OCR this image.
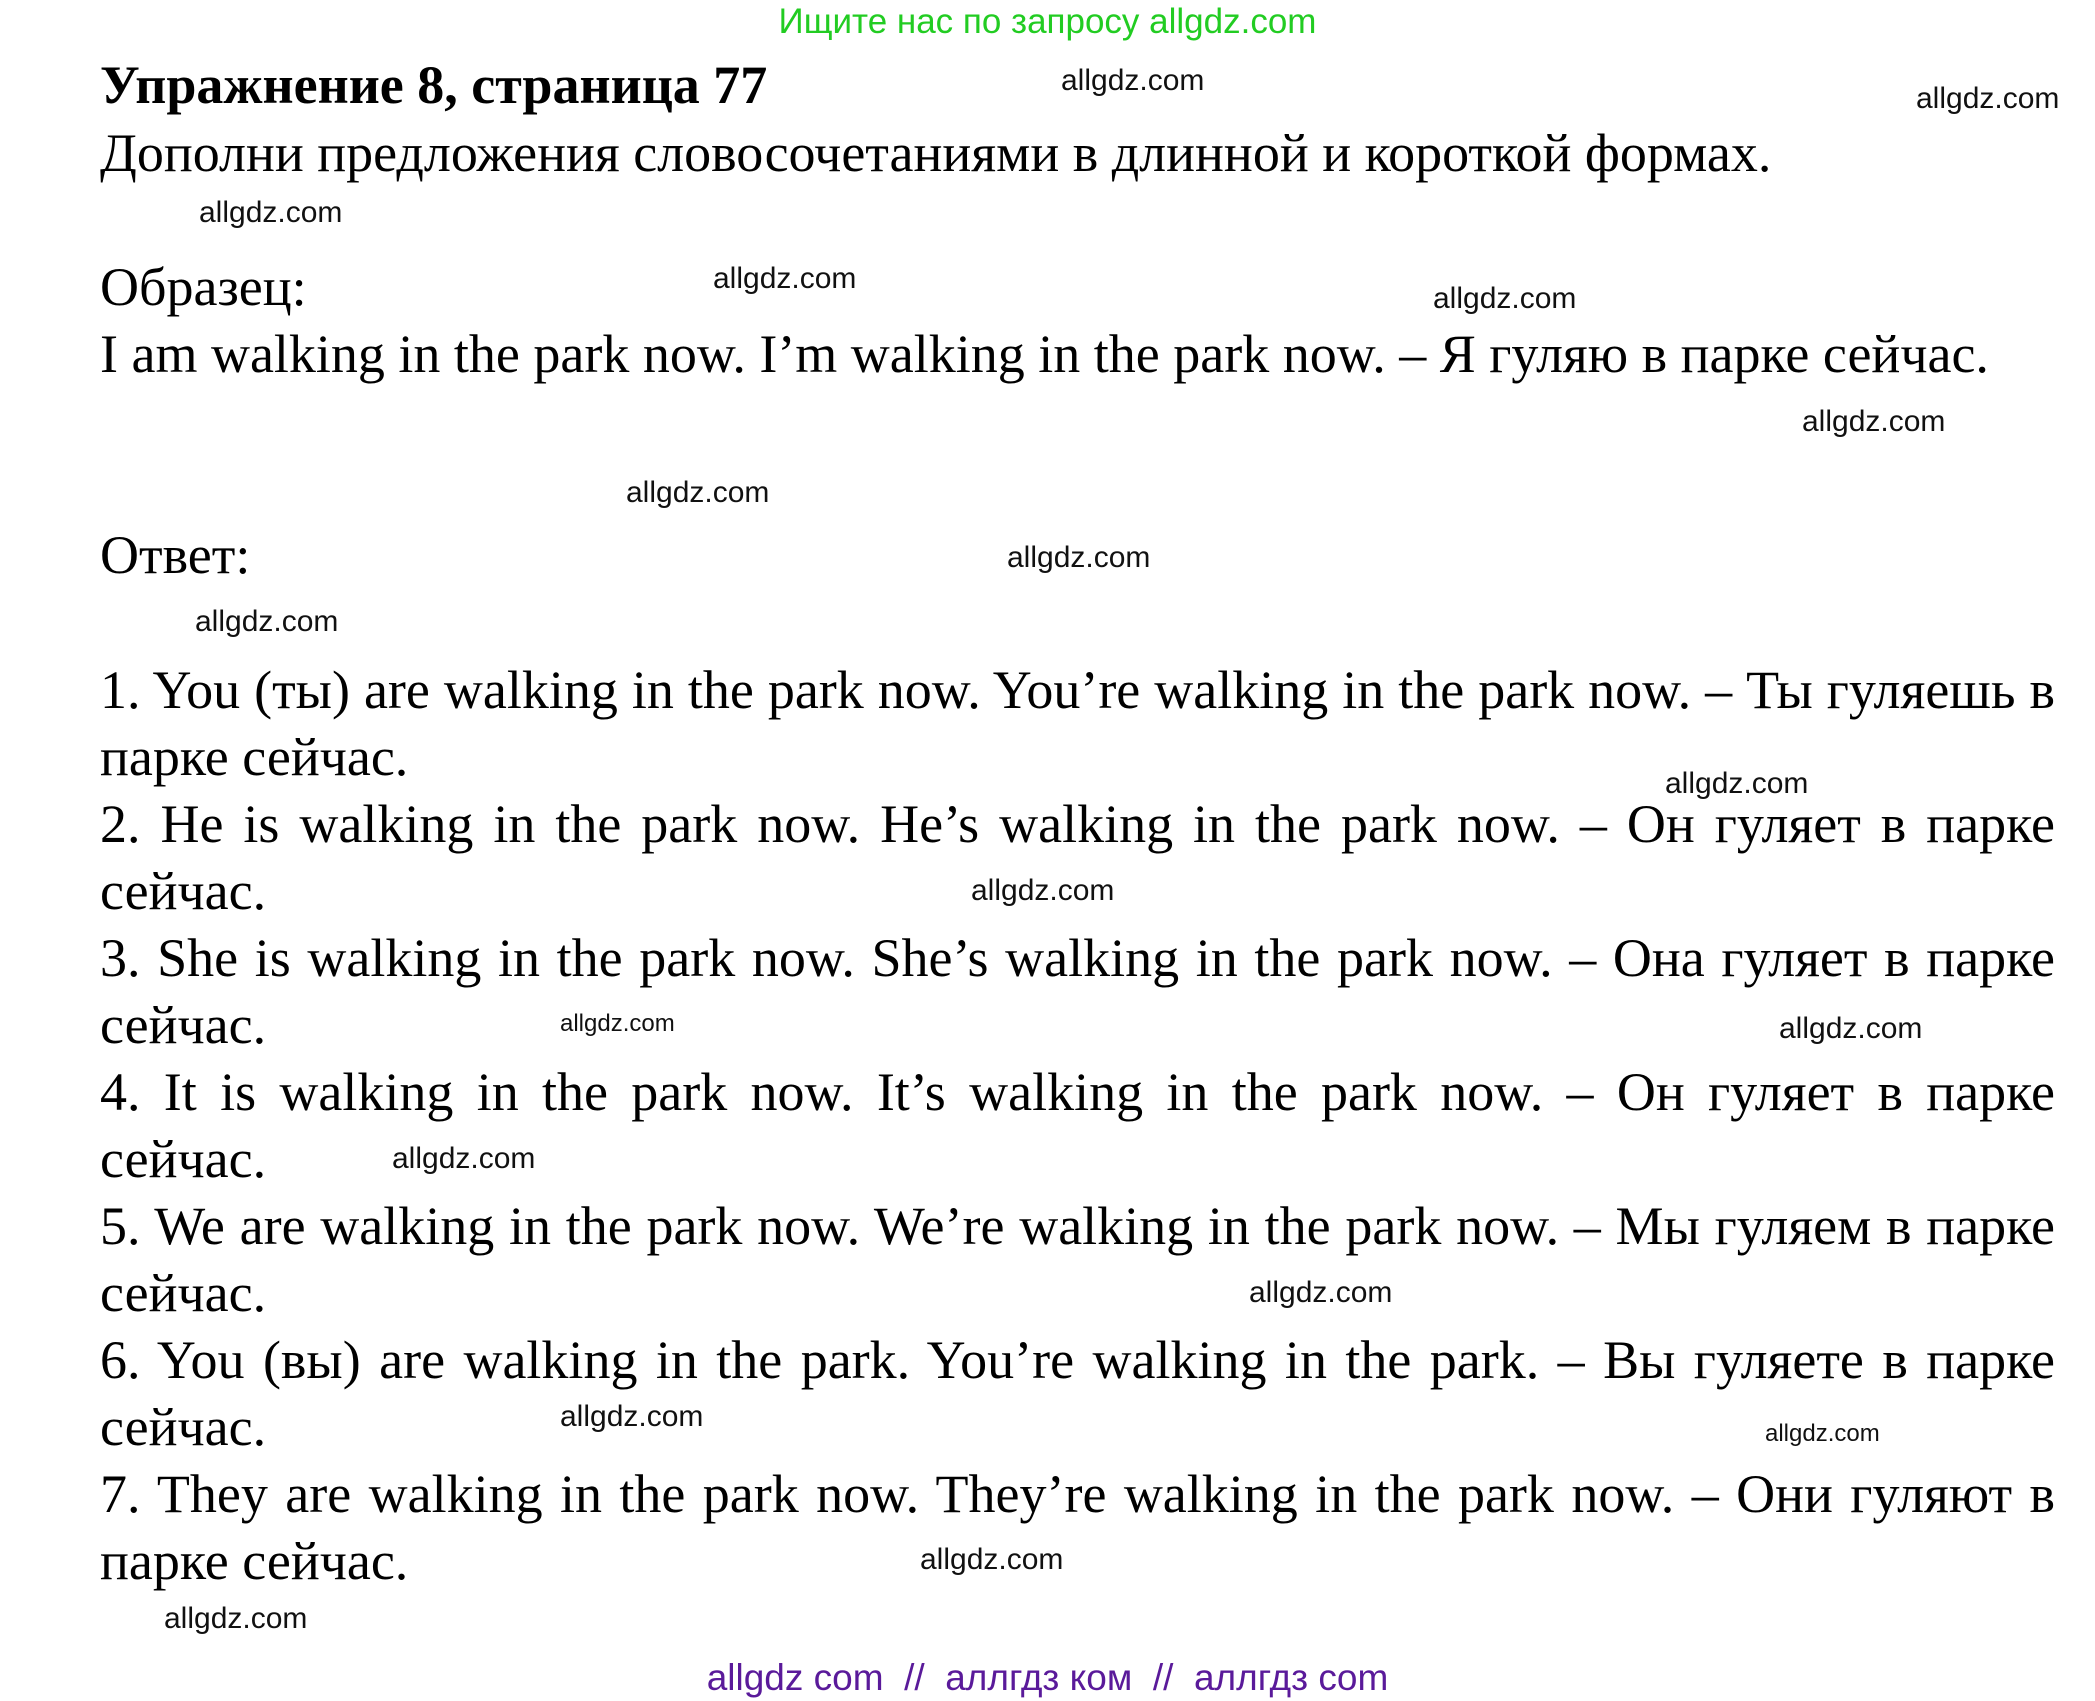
Ищите нас по запросу allgdz.com
Упражнение 8, страница 77

Дополни предложения словосочетаниями в длинной и короткой формах.

Образец:

I am walking in the park now. I’m walking in the park now. – Я гуляю в парке сейчас.

Ответ:

1. You (ты) are walking in the park now. You’re walking in the park now. – Ты гуляешь в парке сейчас.

2. He is walking in the park now. He’s walking in the park now. – Он гуляет в парке сейчас.

3. She is walking in the park now. She’s walking in the park now. – Она гуляет в парке сейчас.

4. It is walking in the park now. It’s walking in the park now. – Он гуляет в парке сейчас.

5. We are walking in the park now. We’re walking in the park now. – Мы гуляем в парке сейчас.

6. You (вы) are walking in the park. You’re walking in the park. – Вы гуляете в парке сейчас.

7. They are walking in the park now. They’re walking in the park now. – Они гуляют в парке сейчас.

allgdz.com
allgdz.com
allgdz.com
allgdz.com
allgdz.com
allgdz.com
allgdz.com
allgdz.com
allgdz.com
allgdz.com
allgdz.com
allgdz.com	allgdz.com
allgdz.com
allgdz.com
allgdz.com
allgdz.com
allgdz.com
allgdz.com
allgdz com  //  аллгдз ком  //  аллгдз com
